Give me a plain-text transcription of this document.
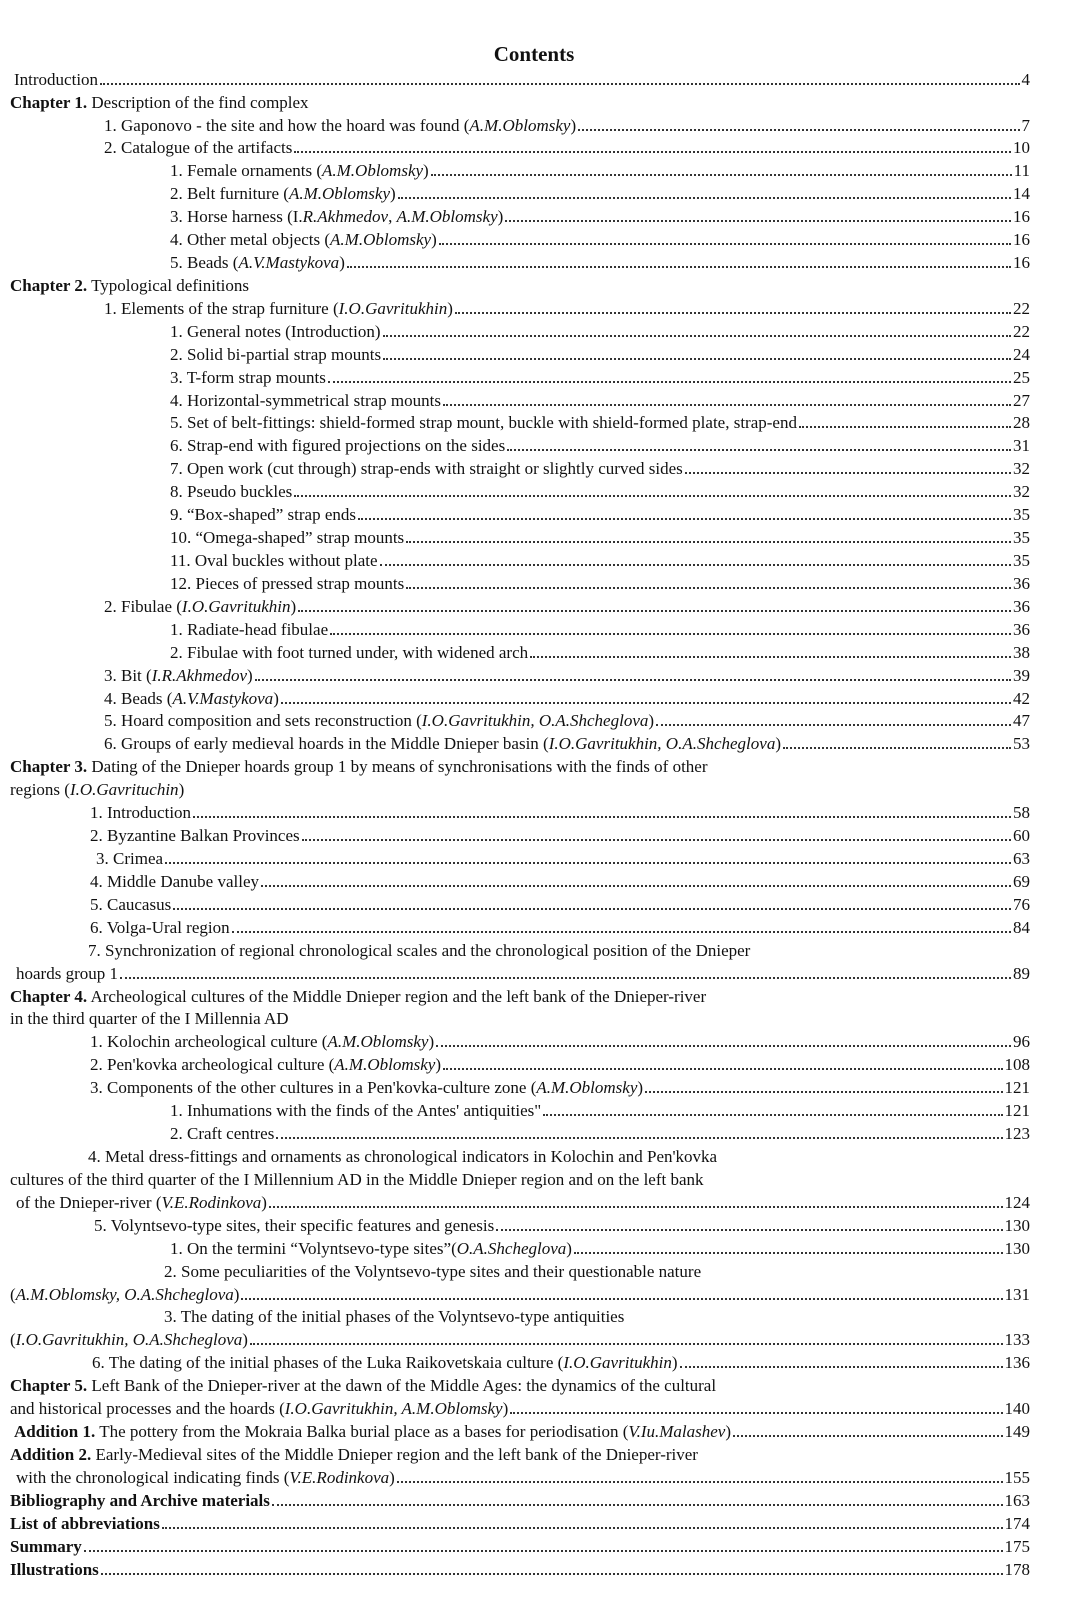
Contents
Introduction	4
Chapter 1. Description of the find complex
1. Gaponovo - the site and how the hoard was found (A.M.Oblomsky)	7
2. Catalogue of the artifacts	10
1. Female ornaments (A.M.Oblomsky)	11
2. Belt furniture (A.M.Oblomsky)	14
3. Horse harness (I.R.Akhmedov, A.M.Oblomsky)	16
4. Other metal objects (A.M.Oblomsky)	16
5. Beads (A.V.Mastykova)	16
Chapter 2. Typological definitions
1. Elements of the strap furniture (I.O.Gavritukhin)	22
1. General notes (Introduction)	22
2. Solid bi-partial strap mounts	24
3. T-form strap mounts	25
4. Horizontal-symmetrical strap mounts	27
5. Set of belt-fittings: shield-formed strap mount, buckle with shield-formed plate, strap-end	28
6. Strap-end with figured projections on the sides	31
7. Open work (cut through) strap-ends with straight or slightly curved sides	32
8. Pseudo buckles	32
9. “Box-shaped” strap ends	35
10. “Omega-shaped” strap mounts	35
11. Oval buckles without plate	35
12. Pieces of pressed strap mounts	36
2. Fibulae (I.O.Gavritukhin)	36
1. Radiate-head fibulae	36
2. Fibulae with foot turned under, with widened arch	38
3. Bit (I.R.Akhmedov)	39
4. Beads (A.V.Mastykova)	42
5. Hoard composition and sets reconstruction (I.O.Gavritukhin, O.A.Shcheglova)	47
6. Groups of early medieval hoards in the Middle Dnieper basin (I.O.Gavritukhin, O.A.Shcheglova)	53
Chapter 3. Dating of the Dnieper hoards group 1 by means of synchronisations with the finds of other
regions (I.O.Gavrituchin)
1. Introduction	58
2. Byzantine Balkan Provinces	60
3. Crimea	63
4. Middle Danube valley	69
5. Caucasus	76
6. Volga-Ural region	84
7. Synchronization of regional chronological scales and the chronological position of the Dnieper
hoards group 1	89
Chapter 4. Archeological cultures of the Middle Dnieper region and the left bank of the Dnieper-river
in the third quarter of the I Millennia AD
1. Kolochin archeological culture (A.M.Oblomsky)	96
2. Pen'kovka archeological culture (A.M.Oblomsky)	108
3. Components of the other cultures in a Pen'kovka-culture zone (A.M.Oblomsky)	121
1. Inhumations with the finds of the Antes' antiquities"	121
2. Craft centres	123
4. Metal dress-fittings and ornaments as chronological indicators in Kolochin and Pen'kovka
cultures of the third quarter of the I Millennium AD in the Middle Dnieper region and on the left bank
of the Dnieper-river (V.E.Rodinkova)	124
5. Volyntsevo-type sites, their specific features and genesis	130
1. On the termini “Volyntsevo-type sites”(O.A.Shcheglova)	130
2. Some peculiarities of the Volyntsevo-type sites and their questionable nature
(A.M.Oblomsky, O.A.Shcheglova)	131
3. The dating of the initial phases of the Volyntsevo-type antiquities
(I.O.Gavritukhin, O.A.Shcheglova)	133
6. The dating of the initial phases of the Luka Raikovetskaia culture (I.O.Gavritukhin)	136
Chapter 5. Left Bank of the Dnieper-river at the dawn of the Middle Ages: the dynamics of the cultural
and historical processes and the hoards (I.O.Gavritukhin, A.M.Oblomsky)	140
Addition 1. The pottery from the Mokraia Balka burial place as a bases for periodisation (V.Iu.Malashev)	149
Addition 2. Early-Medieval sites of the Middle Dnieper region and the left bank of the Dnieper-river
with the chronological indicating finds (V.E.Rodinkova)	155
Bibliography and Archive materials	163
List of abbreviations	174
Summary	175
Illustrations	178
